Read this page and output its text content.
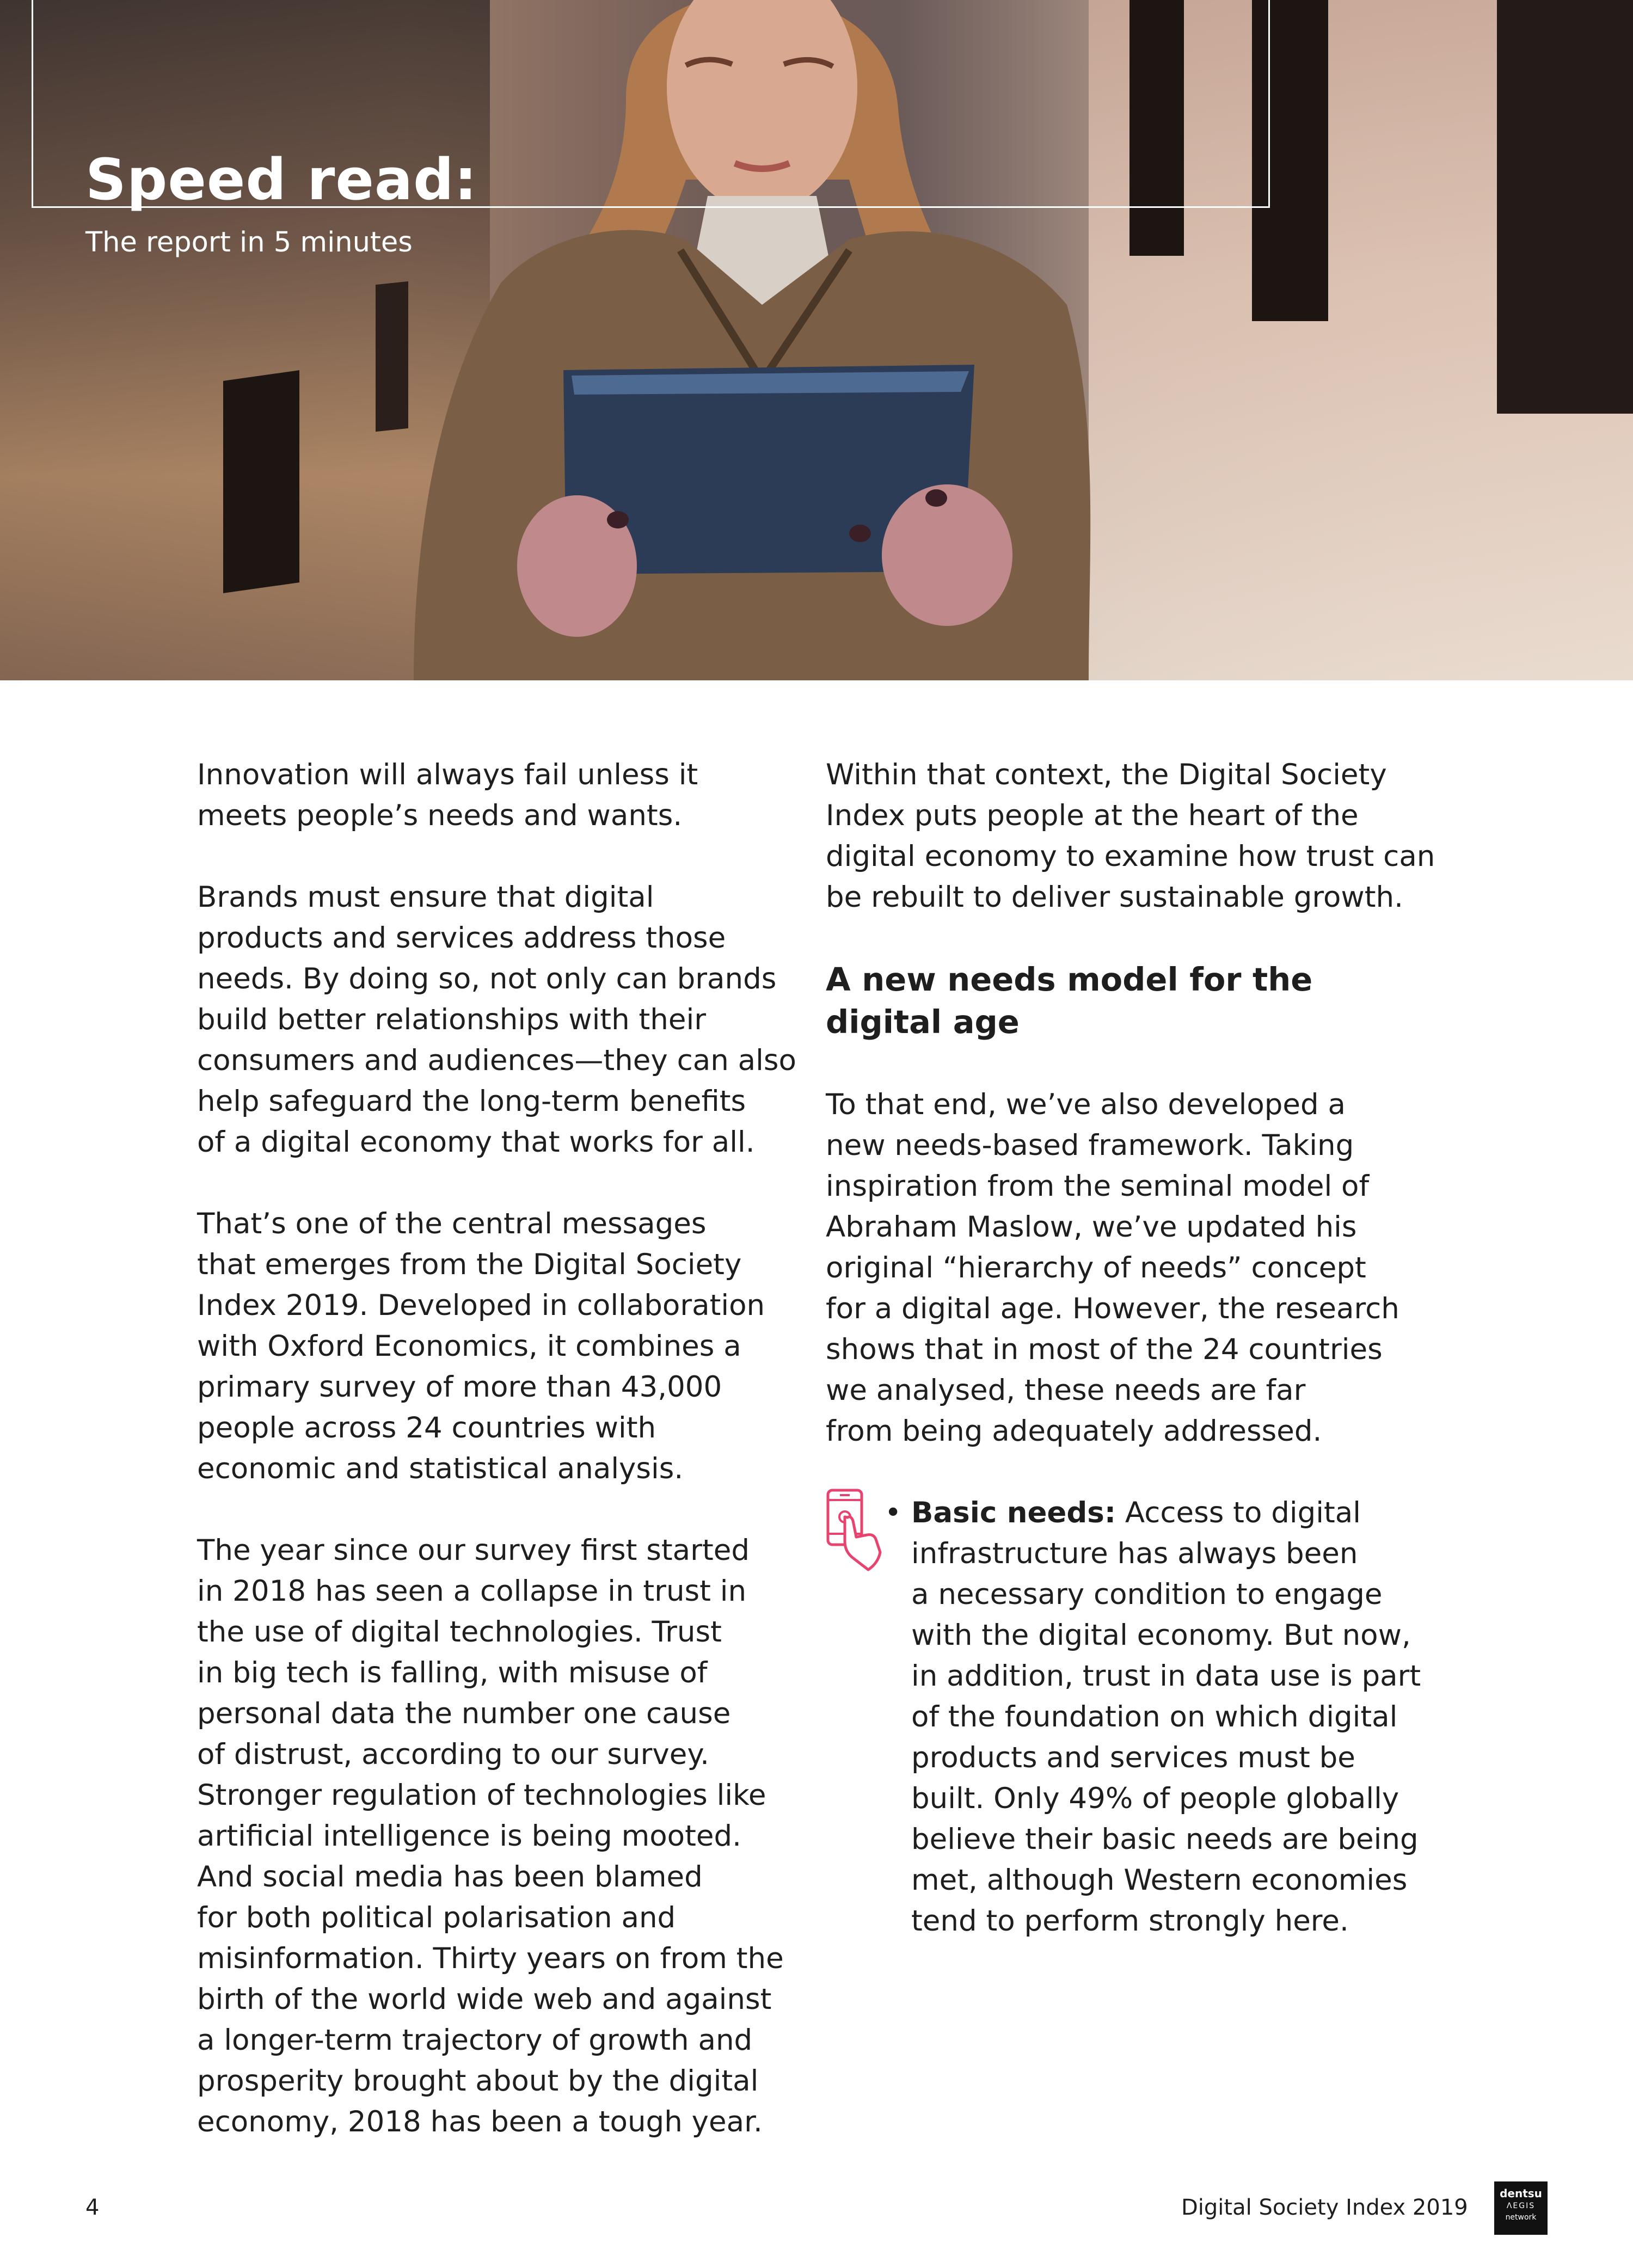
Speed read:
The report in 5 minutes

Innovation will always fail unless it
meets people’s needs and wants.

Brands must ensure that digital
products and services address those
needs. By doing so, not only can brands
build better relationships with their
consumers and audiences—they can also
help safeguard the long-term benefits
of a digital economy that works for all.

That’s one of the central messages
that emerges from the Digital Society
Index 2019. Developed in collaboration
with Oxford Economics, it combines a
primary survey of more than 43,000
people across 24 countries with
economic and statistical analysis.

The year since our survey first started
in 2018 has seen a collapse in trust in
the use of digital technologies. Trust
in big tech is falling, with misuse of
personal data the number one cause
of distrust, according to our survey.
Stronger regulation of technologies like
artificial intelligence is being mooted.
And social media has been blamed
for both political polarisation and
misinformation. Thirty years on from the
birth of the world wide web and against
a longer-term trajectory of growth and
prosperity brought about by the digital
economy, 2018 has been a tough year.

Within that context, the Digital Society
Index puts people at the heart of the
digital economy to examine how trust can
be rebuilt to deliver sustainable growth.

A new needs model for the
digital age

To that end, we’ve also developed a
new needs-based framework. Taking
inspiration from the seminal model of
Abraham Maslow, we’ve updated his
original “hierarchy of needs” concept
for a digital age. However, the research
shows that in most of the 24 countries
we analysed, these needs are far
from being adequately addressed.

• Basic needs: Access to digital
infrastructure has always been
a necessary condition to engage
with the digital economy. But now,
in addition, trust in data use is part
of the foundation on which digital
products and services must be
built. Only 49% of people globally
believe their basic needs are being
met, although Western economies
tend to perform strongly here.
4	Digital Society Index 2019
dentsu
ΛEGIS
network
